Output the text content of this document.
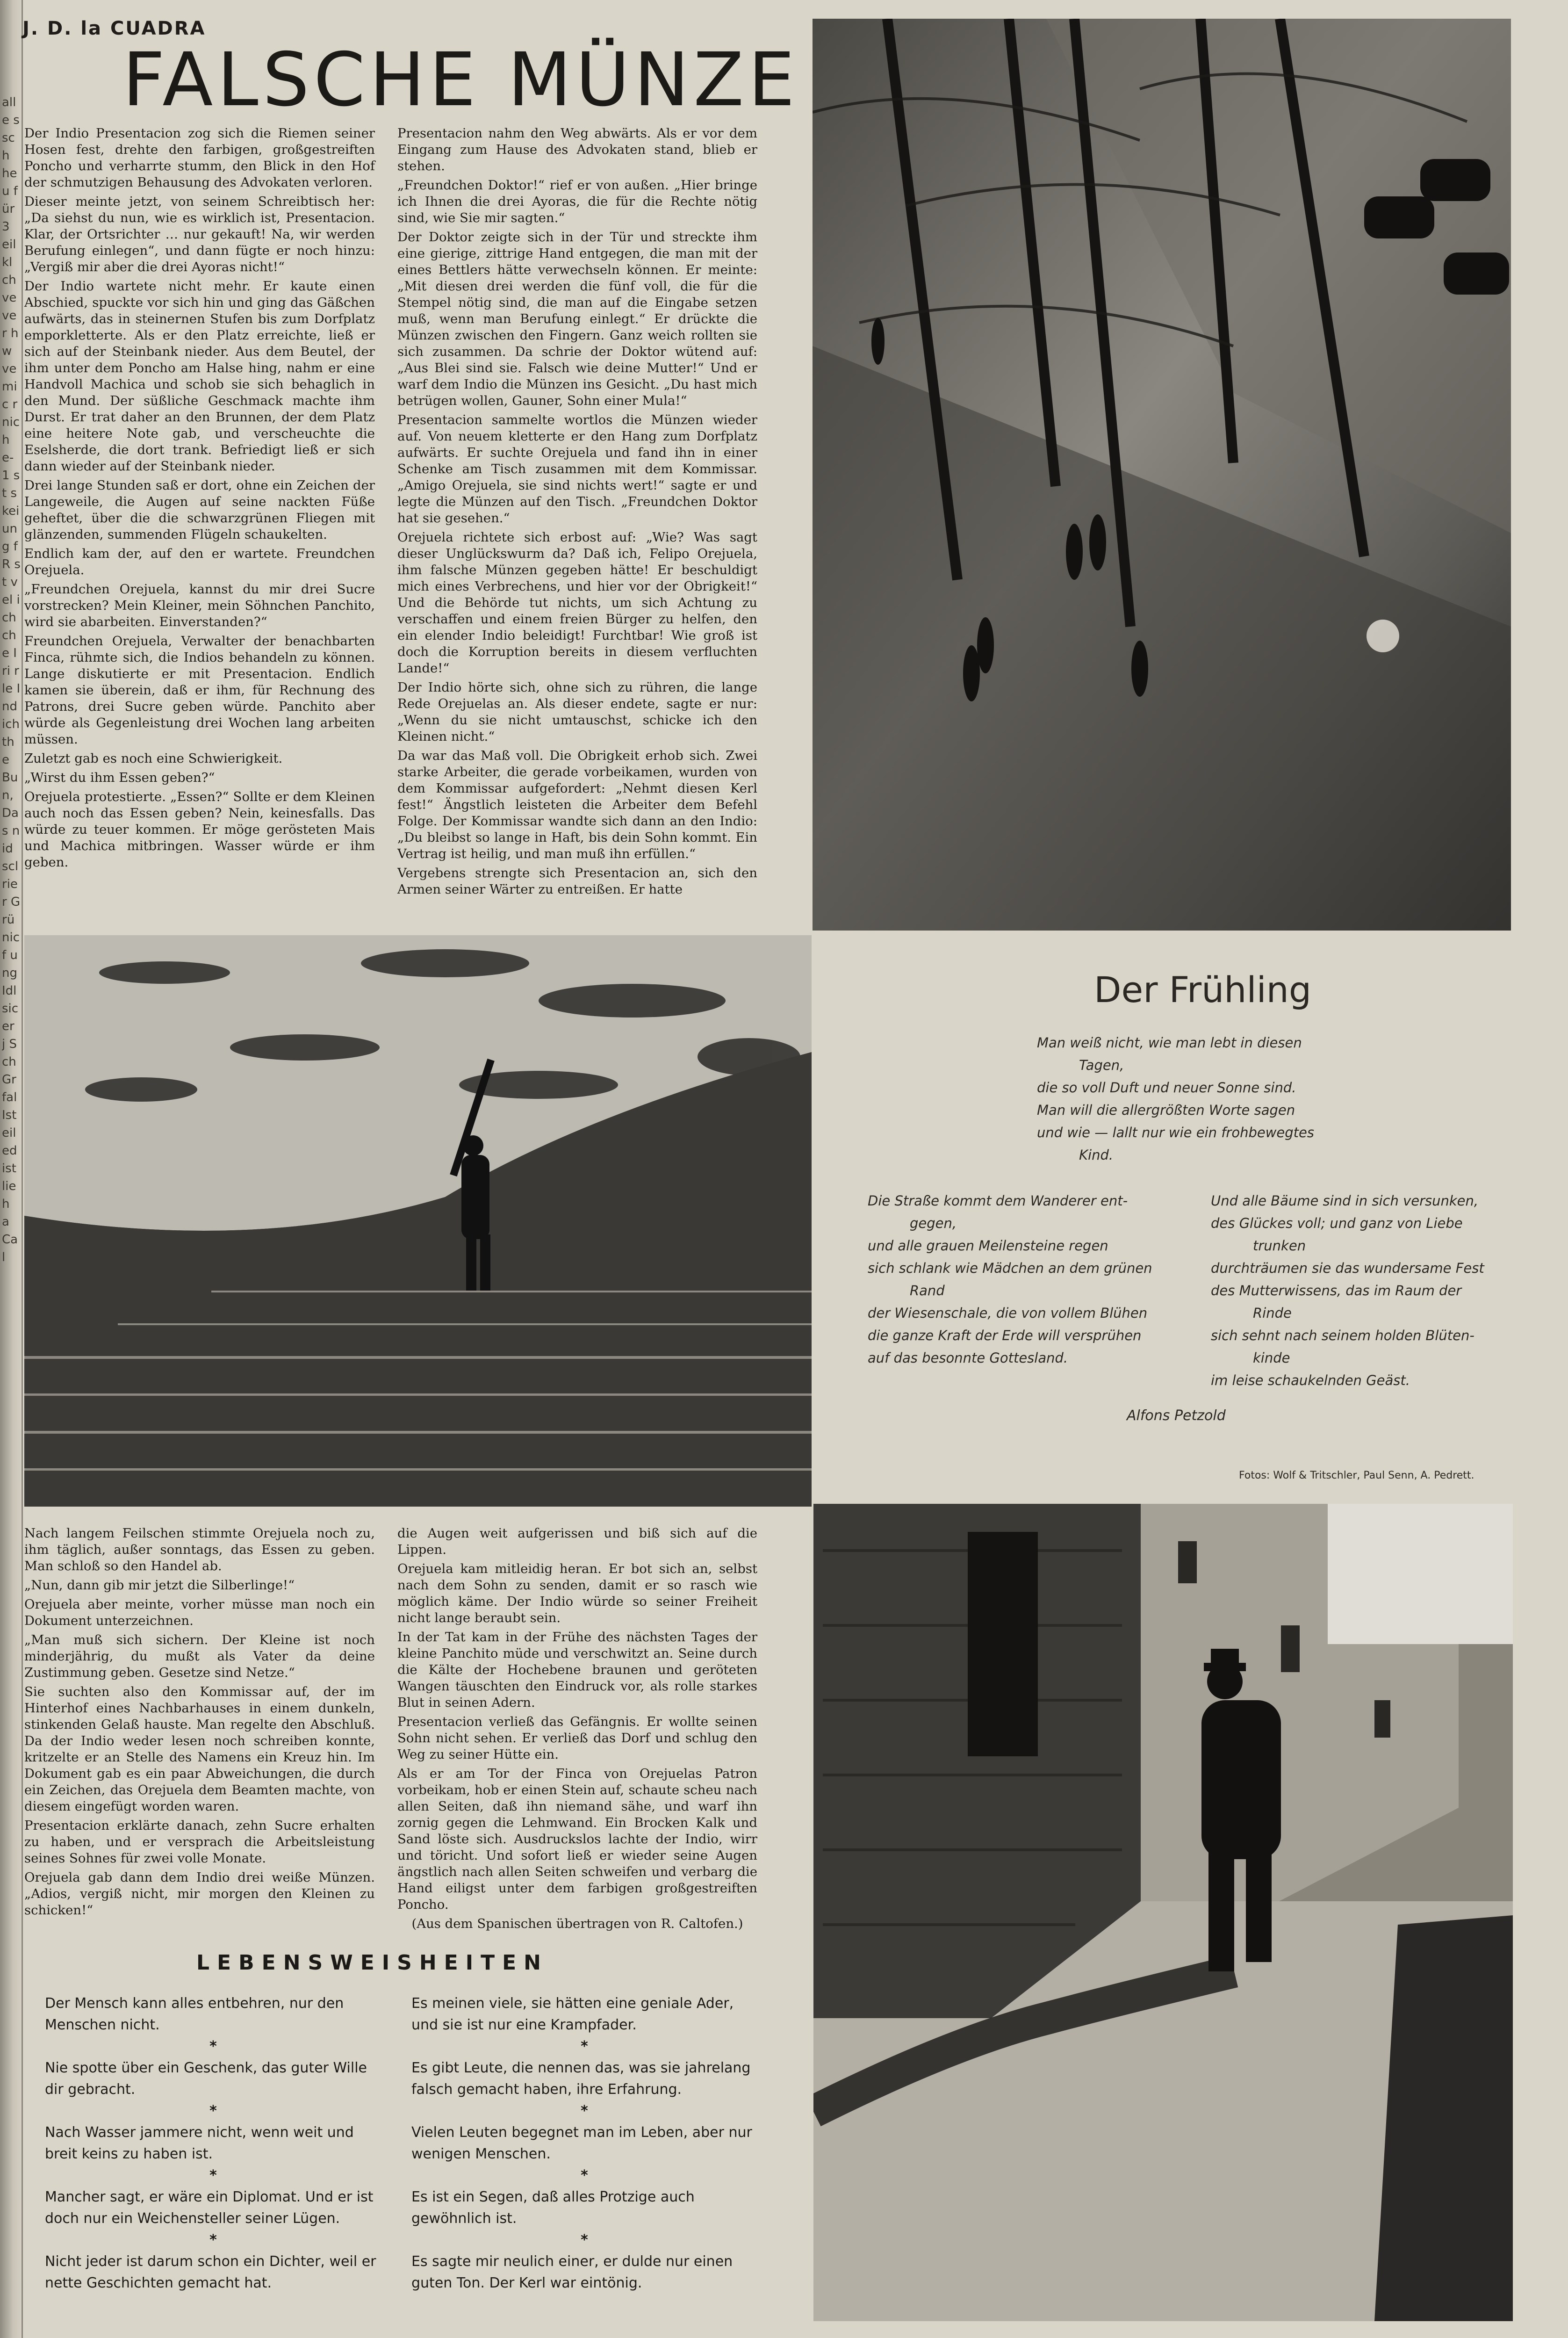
alle s sch heu für 3 eil kl ch ve ver hw ve mic rnich e-1 st s kei ung f R st vel ich che Iri r le Ind ich the Bu n, Das nid scl rier Grü nic f ung Idl sic er j Sch Gr fal Ist eil ed ist lie h a Cal
J. D. la CUADRA
FALSCHE MÜNZE

Der Indio Presentacion zog sich die Riemen seiner Hosen fest, drehte den farbigen, großgestreiften Poncho und verharrte stumm, den Blick in den Hof der schmutzigen Behausung des Advokaten verloren.

Dieser meinte jetzt, von seinem Schreibtisch her: „Da siehst du nun, wie es wirklich ist, Presentacion. Klar, der Ortsrichter … nur gekauft! Na, wir werden Berufung einlegen“, und dann fügte er noch hinzu: „Vergiß mir aber die drei Ayoras nicht!“

Der Indio wartete nicht mehr. Er kaute einen Abschied, spuckte vor sich hin und ging das Gäßchen aufwärts, das in steinernen Stufen bis zum Dorfplatz emporkletterte. Als er den Platz erreichte, ließ er sich auf der Steinbank nieder. Aus dem Beutel, der ihm unter dem Poncho am Halse hing, nahm er eine Handvoll Machica und schob sie sich behaglich in den Mund. Der süßliche Geschmack machte ihm Durst. Er trat daher an den Brunnen, der dem Platz eine heitere Note gab, und verscheuchte die Eselsherde, die dort trank. Befriedigt ließ er sich dann wieder auf der Steinbank nieder.

Drei lange Stunden saß er dort, ohne ein Zeichen der Langeweile, die Augen auf seine nackten Füße geheftet, über die die schwarzgrünen Fliegen mit glänzenden, summenden Flügeln schaukelten.

Endlich kam der, auf den er wartete. Freundchen Orejuela.

„Freundchen Orejuela, kannst du mir drei Sucre vorstrecken? Mein Kleiner, mein Söhnchen Panchito, wird sie abarbeiten. Einverstanden?“

Freundchen Orejuela, Verwalter der benachbarten Finca, rühmte sich, die Indios behandeln zu können. Lange diskutierte er mit Presentacion. Endlich kamen sie überein, daß er ihm, für Rechnung des Patrons, drei Sucre geben würde. Panchito aber würde als Gegenleistung drei Wochen lang arbeiten müssen.

Zuletzt gab es noch eine Schwierigkeit.

„Wirst du ihm Essen geben?“

Orejuela protestierte. „Essen?“ Sollte er dem Kleinen auch noch das Essen geben? Nein, keinesfalls. Das würde zu teuer kommen. Er möge gerösteten Mais und Machica mitbringen. Wasser würde er ihm geben.

Presentacion nahm den Weg abwärts. Als er vor dem Eingang zum Hause des Advokaten stand, blieb er stehen.

„Freundchen Doktor!“ rief er von außen. „Hier bringe ich Ihnen die drei Ayoras, die für die Rechte nötig sind, wie Sie mir sagten.“

Der Doktor zeigte sich in der Tür und streckte ihm eine gierige, zittrige Hand entgegen, die man mit der eines Bettlers hätte verwechseln können. Er meinte: „Mit diesen drei werden die fünf voll, die für die Stempel nötig sind, die man auf die Eingabe setzen muß, wenn man Berufung einlegt.“ Er drückte die Münzen zwischen den Fingern. Ganz weich rollten sie sich zusammen. Da schrie der Doktor wütend auf: „Aus Blei sind sie. Falsch wie deine Mutter!“ Und er warf dem Indio die Münzen ins Gesicht. „Du hast mich betrügen wollen, Gauner, Sohn einer Mula!“

Presentacion sammelte wortlos die Münzen wieder auf. Von neuem kletterte er den Hang zum Dorfplatz aufwärts. Er suchte Orejuela und fand ihn in einer Schenke am Tisch zusammen mit dem Kommissar. „Amigo Orejuela, sie sind nichts wert!“ sagte er und legte die Münzen auf den Tisch. „Freundchen Doktor hat sie gesehen.“

Orejuela richtete sich erbost auf: „Wie? Was sagt dieser Unglückswurm da? Daß ich, Felipo Orejuela, ihm falsche Münzen gegeben hätte! Er beschuldigt mich eines Verbrechens, und hier vor der Obrigkeit!“ Und die Behörde tut nichts, um sich Achtung zu verschaffen und einem freien Bürger zu helfen, den ein elender Indio beleidigt! Furchtbar! Wie groß ist doch die Korruption bereits in diesem verfluchten Lande!“

Der Indio hörte sich, ohne sich zu rühren, die lange Rede Orejuelas an. Als dieser endete, sagte er nur: „Wenn du sie nicht umtauschst, schicke ich den Kleinen nicht.“

Da war das Maß voll. Die Obrigkeit erhob sich. Zwei starke Arbeiter, die gerade vorbeikamen, wurden von dem Kommissar aufgefordert: „Nehmt diesen Kerl fest!“ Ängstlich leisteten die Arbeiter dem Befehl Folge. Der Kommissar wandte sich dann an den Indio: „Du bleibst so lange in Haft, bis dein Sohn kommt. Ein Vertrag ist heilig, und man muß ihn erfüllen.“

Vergebens strengte sich Presentacion an, sich den Armen seiner Wärter zu entreißen. Er hatte

Der Frühling
Man weiß nicht, wie man lebt in diesen
Tagen,
die so voll Duft und neuer Sonne sind.
Man will die allergrößten Worte sagen
und wie — lallt nur wie ein frohbewegtes
Kind.
Die Straße kommt dem Wanderer ent-
gegen,
und alle grauen Meilensteine regen
sich schlank wie Mädchen an dem grünen
Rand
der Wiesenschale, die von vollem Blühen
die ganze Kraft der Erde will versprühen
auf das besonnte Gottesland.
Und alle Bäume sind in sich versunken,
des Glückes voll; und ganz von Liebe
trunken
durchträumen sie das wundersame Fest
des Mutterwissens, das im Raum der
Rinde
sich sehnt nach seinem holden Blüten-
kinde
im leise schaukelnden Geäst.
Alfons Petzold
Fotos: Wolf & Tritschler, Paul Senn, A. Pedrett.

Nach langem Feilschen stimmte Orejuela noch zu, ihm täglich, außer sonntags, das Essen zu geben. Man schloß so den Handel ab.

„Nun, dann gib mir jetzt die Silberlinge!“

Orejuela aber meinte, vorher müsse man noch ein Dokument unterzeichnen.

„Man muß sich sichern. Der Kleine ist noch minderjährig, du mußt als Vater da deine Zustimmung geben. Gesetze sind Netze.“

Sie suchten also den Kommissar auf, der im Hinterhof eines Nachbarhauses in einem dunkeln, stinkenden Gelaß hauste. Man regelte den Abschluß. Da der Indio weder lesen noch schreiben konnte, kritzelte er an Stelle des Namens ein Kreuz hin. Im Dokument gab es ein paar Abweichungen, die durch ein Zeichen, das Orejuela dem Beamten machte, von diesem eingefügt worden waren.

Presentacion erklärte danach, zehn Sucre erhalten zu haben, und er versprach die Arbeitsleistung seines Sohnes für zwei volle Monate.

Orejuela gab dann dem Indio drei weiße Münzen. „Adios, vergiß nicht, mir morgen den Kleinen zu schicken!“

die Augen weit aufgerissen und biß sich auf die Lippen.

Orejuela kam mitleidig heran. Er bot sich an, selbst nach dem Sohn zu senden, damit er so rasch wie möglich käme. Der Indio würde so seiner Freiheit nicht lange beraubt sein.

In der Tat kam in der Frühe des nächsten Tages der kleine Panchito müde und verschwitzt an. Seine durch die Kälte der Hochebene braunen und geröteten Wangen täuschten den Eindruck vor, als rolle starkes Blut in seinen Adern.

Presentacion verließ das Gefängnis. Er wollte seinen Sohn nicht sehen. Er verließ das Dorf und schlug den Weg zu seiner Hütte ein.

Als er am Tor der Finca von Orejuelas Patron vorbeikam, hob er einen Stein auf, schaute scheu nach allen Seiten, daß ihn niemand sähe, und warf ihn zornig gegen die Lehmwand. Ein Brocken Kalk und Sand löste sich. Ausdruckslos lachte der Indio, wirr und töricht. Und sofort ließ er wieder seine Augen ängstlich nach allen Seiten schweifen und verbarg die Hand eiligst unter dem farbigen großgestreiften Poncho.

(Aus dem Spanischen übertragen von R. Caltofen.)

LEBENSWEISHEITEN

Der Mensch kann alles entbehren, nur den Menschen nicht.

*

Nie spotte über ein Geschenk, das guter Wille dir gebracht.

*

Nach Wasser jammere nicht, wenn weit und breit keins zu haben ist.

*

Mancher sagt, er wäre ein Diplomat. Und er ist doch nur ein Weichensteller seiner Lügen.

*

Nicht jeder ist darum schon ein Dichter, weil er nette Geschichten gemacht hat.

Es meinen viele, sie hätten eine geniale Ader, und sie ist nur eine Krampfader.

*

Es gibt Leute, die nennen das, was sie jahrelang falsch gemacht haben, ihre Erfahrung.

*

Vielen Leuten begegnet man im Leben, aber nur wenigen Menschen.

*

Es ist ein Segen, daß alles Protzige auch gewöhnlich ist.

*

Es sagte mir neulich einer, er dulde nur einen guten Ton. Der Kerl war eintönig.
